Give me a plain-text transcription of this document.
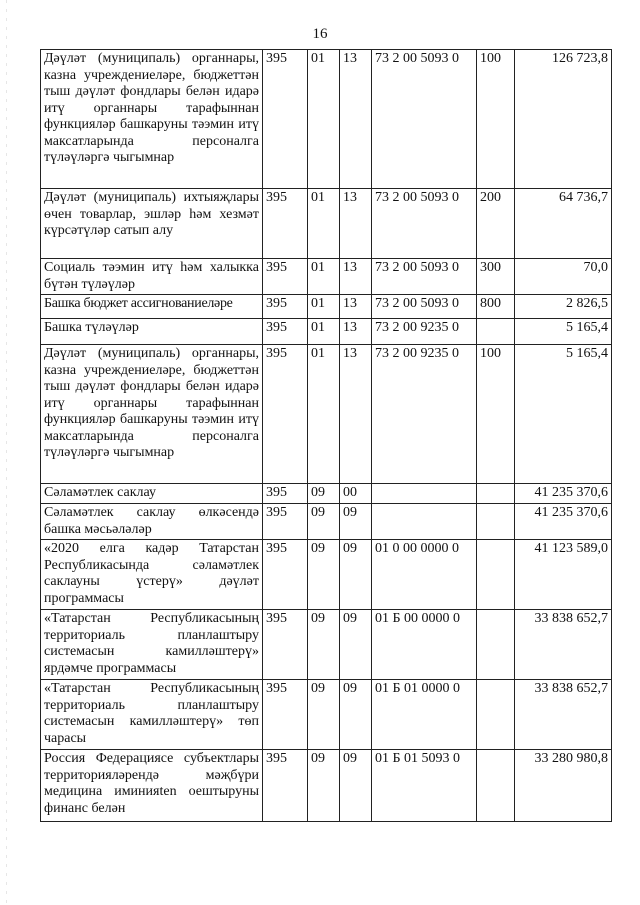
16
Дәүләт (муниципаль) органнары, казна учреждениеләре, бюджеттән тыш дәүләт фондлары белән идарә итү органнары тарафыннан функцияләр башкаруны тәэмин итү максатларында персоналга түләүләргә чыгымнар	395	01	13	73 2 00 5093 0	100	126 723,8
Дәүләт (муниципаль) ихтыяҗлары өчен товарлар, эшләр һәм хезмәт күрсәтүләр сатып алу	395	01	13	73 2 00 5093 0	200	64 736,7
Социаль тәэмин итү һәм халыкка бүтән түләүләр	395	01	13	73 2 00 5093 0	300	70,0
Башка бюджет ассигнованиеләре	395	01	13	73 2 00 5093 0	800	2 826,5
Башка түләүләр	395	01	13	73 2 00 9235 0		5 165,4
Дәүләт (муниципаль) органнары, казна учреждениеләре, бюджеттән тыш дәүләт фондлары белән идарә итү органнары тарафыннан функцияләр башкаруны тәэмин итү максатларында персоналга түләүләргә чыгымнар	395	01	13	73 2 00 9235 0	100	5 165,4
Сәламәтлек саклау	395	09	00			41 235 370,6
Сәламәтлек саклау өлкәсендә башка мәсьәләләр	395	09	09			41 235 370,6
«2020 елга кадәр Татарстан Республикасында сәламәтлек саклауны үстерү» дәүләт программасы	395	09	09	01 0 00 0000 0		41 123 589,0
«Татарстан Республикасының территориаль планлаштыру системасын камилләштерү» ярдәмче программасы	395	09	09	01 Б 00 0000 0		33 838 652,7
«Татарстан Республикасының территориаль планлаштыру системасын камилләштерү» төп чарасы	395	09	09	01 Б 01 0000 0		33 838 652,7
Россия Федерациясе субъектлары территорияләрендә мәҗбүри медицина иминияten оештыруны финанс белән	395	09	09	01 Б 01 5093 0		33 280 980,8
